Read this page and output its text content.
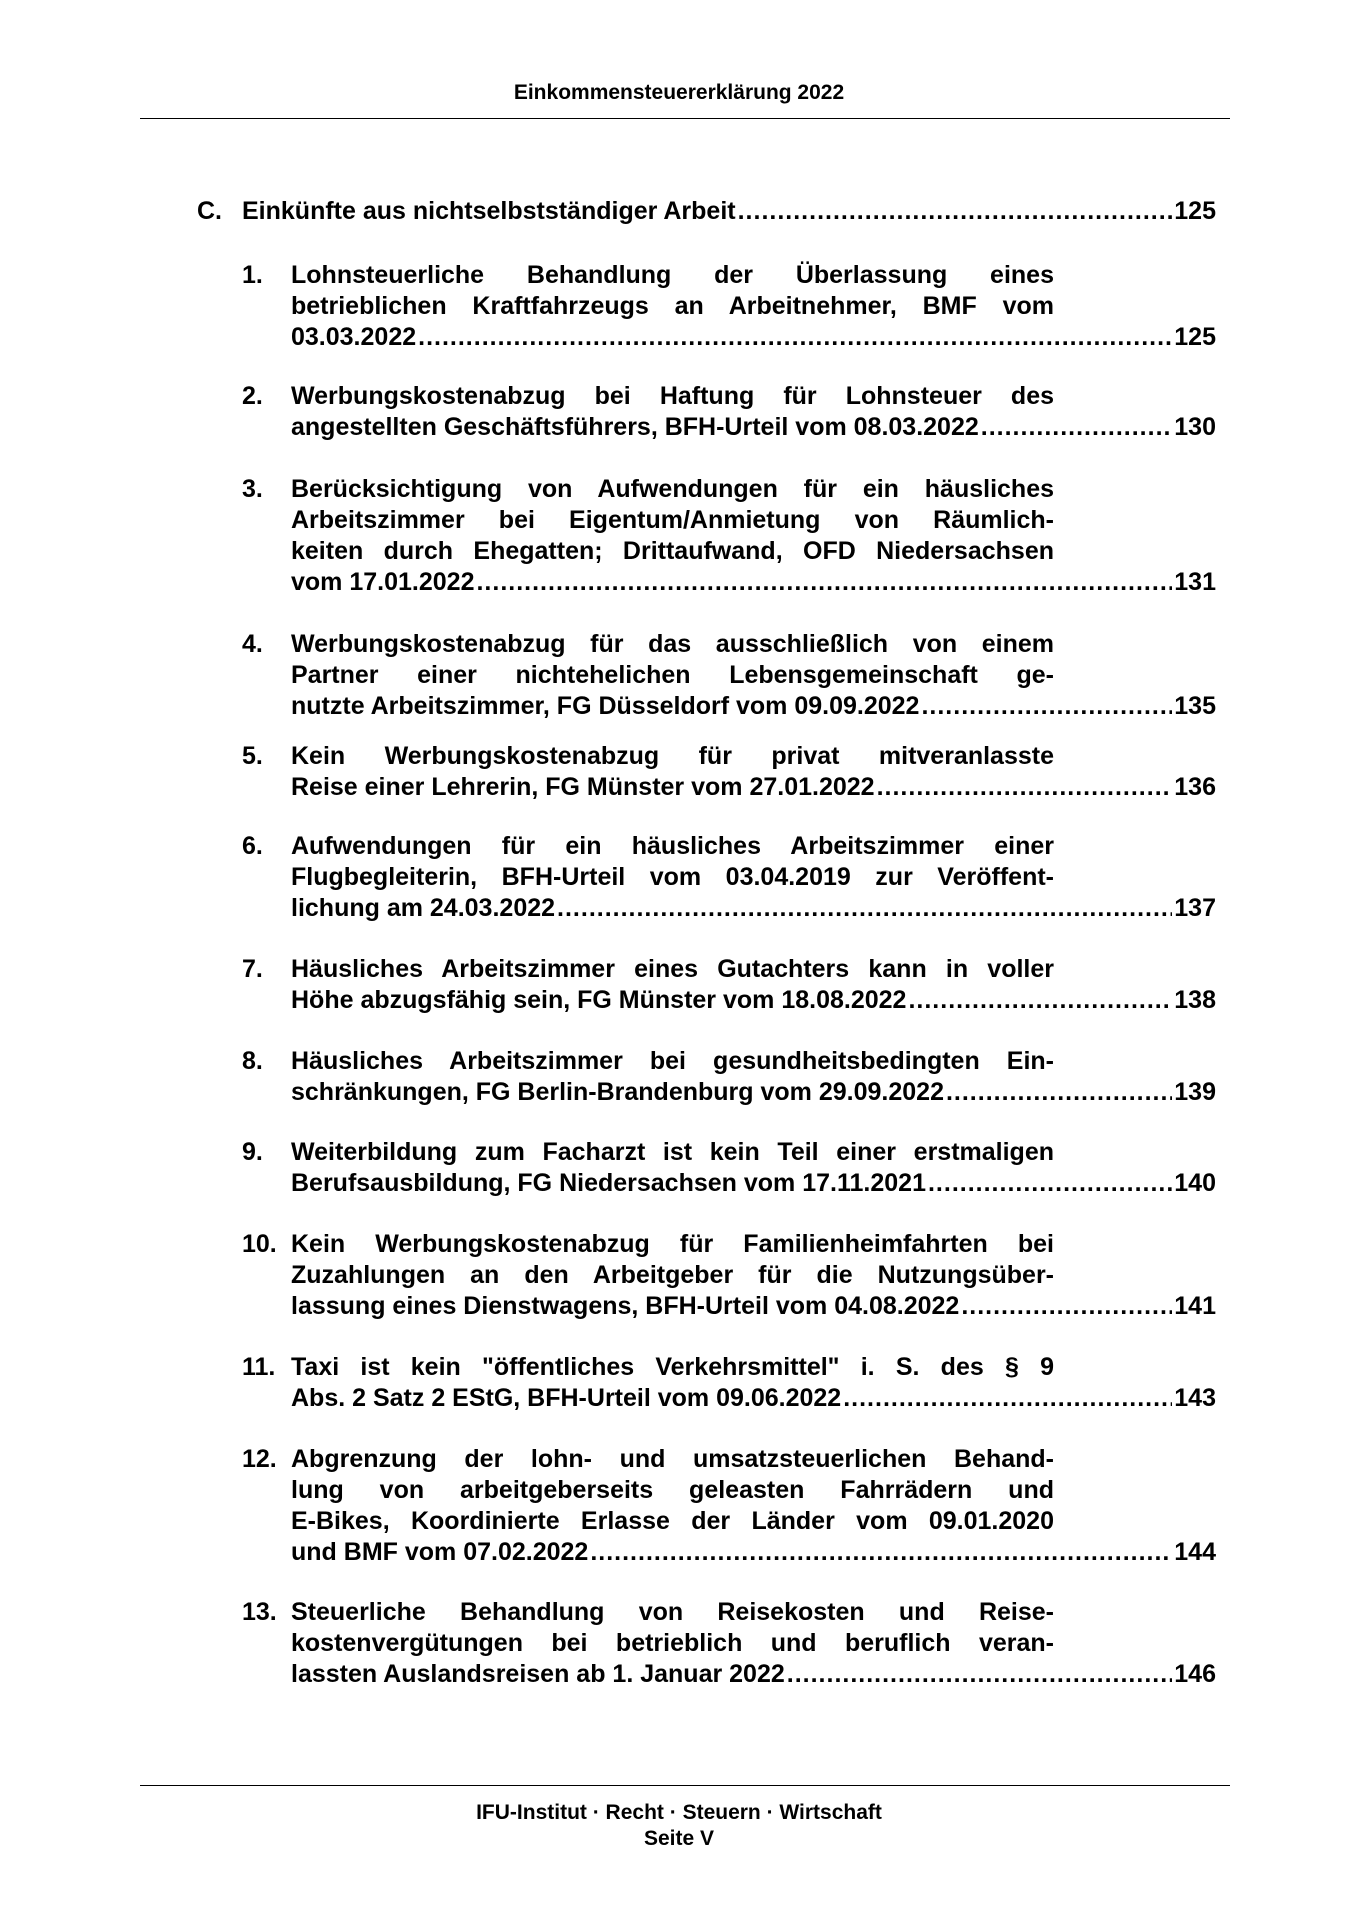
Einkommensteuererklärung 2022
C. Einkünfte aus nichtselbstständiger Arbeit .....	125
1. Lohnsteuerliche Behandlung der Überlassung eines
betrieblichen Kraftfahrzeugs an Arbeitnehmer, BMF vom
03.03.2022 .....	125
2. Werbungskostenabzug bei Haftung für Lohnsteuer des
angestellten Geschäftsführers, BFH-Urteil vom 08.03.2022 .....	130
3. Berücksichtigung von Aufwendungen für ein häusliches
Arbeitszimmer bei Eigentum/Anmietung von Räumlich-
keiten durch Ehegatten; Drittaufwand, OFD Niedersachsen
vom 17.01.2022 .....	131
4. Werbungskostenabzug für das ausschließlich von einem
Partner einer nichtehelichen Lebensgemeinschaft ge-
nutzte Arbeitszimmer, FG Düsseldorf vom 09.09.2022 .....	135
5. Kein Werbungskostenabzug für privat mitveranlasste
Reise einer Lehrerin, FG Münster vom 27.01.2022 .....	136
6. Aufwendungen für ein häusliches Arbeitszimmer einer
Flugbegleiterin, BFH-Urteil vom 03.04.2019 zur Veröffent-
lichung am 24.03.2022 .....	137
7. Häusliches Arbeitszimmer eines Gutachters kann in voller
Höhe abzugsfähig sein, FG Münster vom 18.08.2022 .....	138
8. Häusliches Arbeitszimmer bei gesundheitsbedingten Ein-
schränkungen, FG Berlin-Brandenburg vom 29.09.2022 .....	139
9. Weiterbildung zum Facharzt ist kein Teil einer erstmaligen
Berufsausbildung, FG Niedersachsen vom 17.11.2021 .....	140
10. Kein Werbungskostenabzug für Familienheimfahrten bei
Zuzahlungen an den Arbeitgeber für die Nutzungsüber-
lassung eines Dienstwagens, BFH-Urteil vom 04.08.2022 .....	141
11. Taxi ist kein "öffentliches Verkehrsmittel" i. S. des § 9
Abs. 2 Satz 2 EStG, BFH-Urteil vom 09.06.2022 .....	143
12. Abgrenzung der lohn- und umsatzsteuerlichen Behand-
lung von arbeitgeberseits geleasten Fahrrädern und
E-Bikes, Koordinierte Erlasse der Länder vom 09.01.2020
und BMF vom 07.02.2022 .....	144
13. Steuerliche Behandlung von Reisekosten und Reise-
kostenvergütungen bei betrieblich und beruflich veran-
lassten Auslandsreisen ab 1. Januar 2022 .....	146
IFU-Institut · Recht · Steuern · Wirtschaft
Seite V
